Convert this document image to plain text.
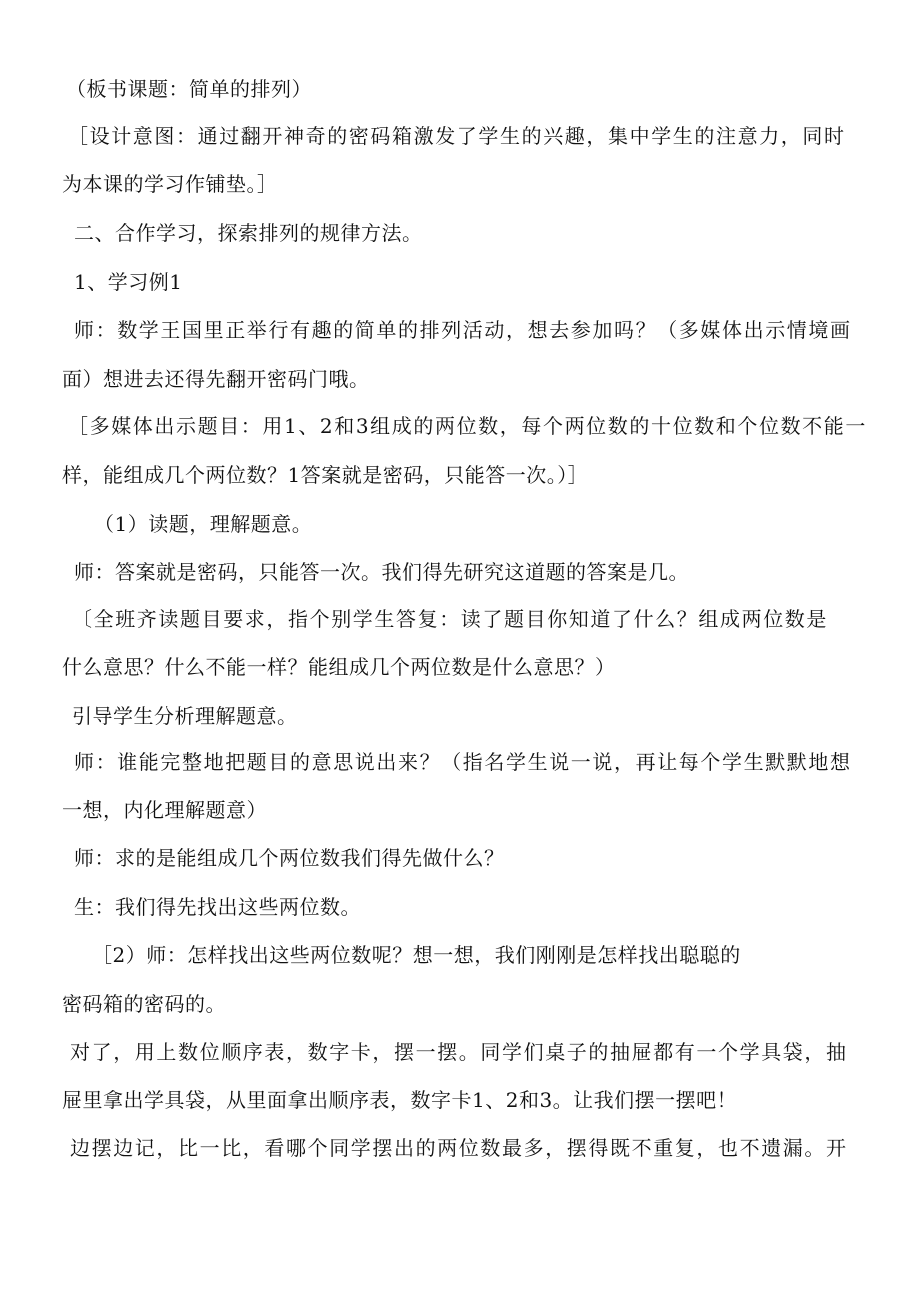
（板书课题：简单的排列）
［设计意图：通过翻开神奇的密码箱激发了学生的兴趣，集中学生的注意力，同时
为本课的学习作铺垫。］
二、合作学习，探索排列的规律方法。
1、学习例1
师：数学王国里正举行有趣的简单的排列活动，想去参加吗？（多媒体出示情境画
面）想进去还得先翻开密码门哦。
［多媒体出示题目：用1、2和3组成的两位数，每个两位数的十位数和个位数不能一
样，能组成几个两位数？1答案就是密码，只能答一次。）］
（1）读题，理解题意。
师：答案就是密码，只能答一次。我们得先研究这道题的答案是几。
〔全班齐读题目要求，指个别学生答复：读了题目你知道了什么？组成两位数是
什么意思？什么不能一样？能组成几个两位数是什么意思？）
引导学生分析理解题意。
师：谁能完整地把题目的意思说出来？（指名学生说一说，再让每个学生默默地想
一想，内化理解题意）
师：求的是能组成几个两位数我们得先做什么？
生：我们得先找出这些两位数。
［2）师：怎样找出这些两位数呢？想一想，我们刚刚是怎样找出聪聪的
密码箱的密码的。
对了，用上数位顺序表，数字卡，摆一摆。同学们桌子的抽屉都有一个学具袋，抽
屉里拿出学具袋，从里面拿出顺序表，数字卡1、2和3。让我们摆一摆吧！
边摆边记，比一比，看哪个同学摆出的两位数最多，摆得既不重复，也不遗漏。开
